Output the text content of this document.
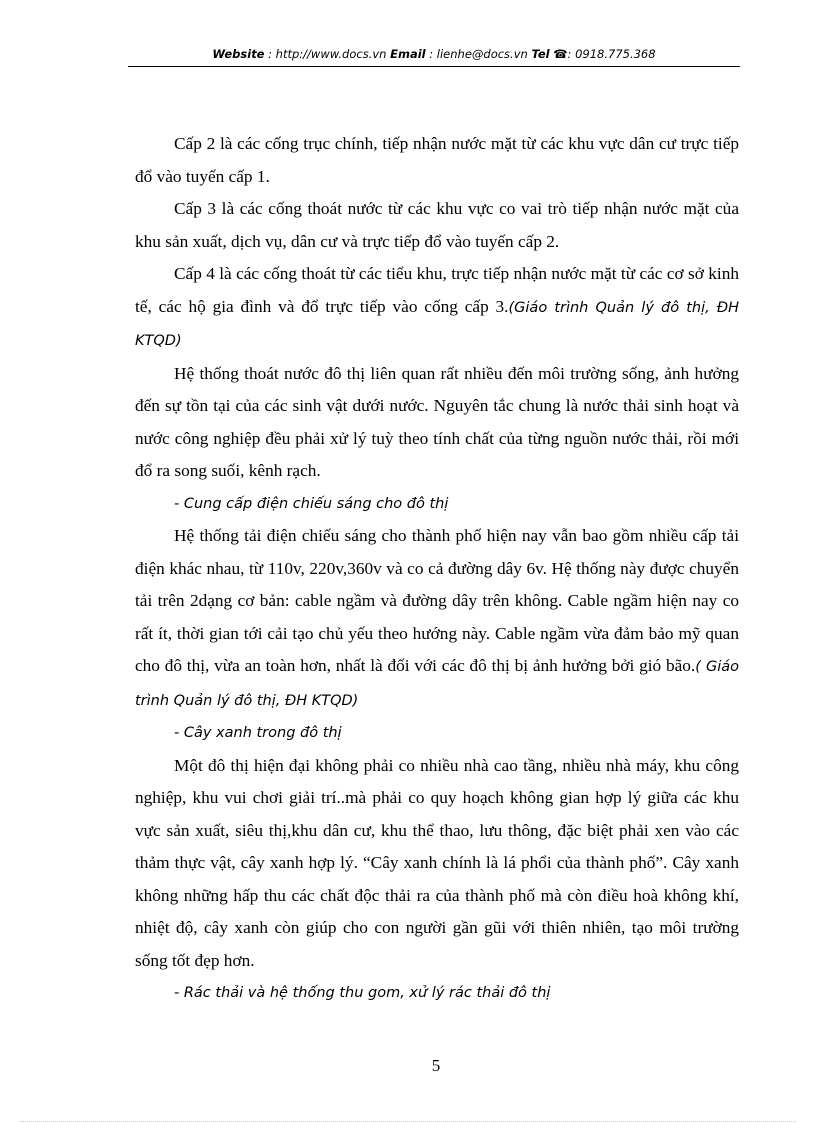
Website : http://www.docs.vn Email : lienhe@docs.vn Tel ☎: 0918.775.368

Cấp 2 là các cống trục chính, tiếp nhận nước mặt từ các khu vực dân cư trực tiếp đổ vào tuyến cấp 1.

Cấp 3 là các cống thoát nước từ các khu vực co vai trò tiếp nhận nước mặt của khu sản xuất, dịch vụ, dân cư và trực tiếp đổ vào tuyến cấp 2.

Cấp 4 là các cống thoát từ các tiểu khu, trực tiếp nhận nước mặt từ các cơ sở kinh tế, các hộ gia đình và đổ trực tiếp vào cống cấp 3.(Giáo trình Quản lý đô thị, ĐH KTQD)

Hệ thống thoát nước đô thị liên quan rất nhiều đến môi trường sống, ảnh hưởng đến sự tồn tại của các sinh vật dưới nước. Nguyên tắc chung là nước thải sinh hoạt và nước công nghiệp đều phải xử lý tuỳ theo tính chất của từng nguồn nước thải, rồi mới đổ ra song suối, kênh rạch.

- Cung cấp điện chiếu sáng cho đô thị

Hệ thống tải điện chiếu sáng cho thành phố hiện nay vẫn bao gồm nhiều cấp tải điện khác nhau, từ 110v, 220v,360v và co cả đường dây 6v. Hệ thống này được chuyển tải trên 2dạng cơ bản: cable ngầm và đường dây trên không. Cable ngầm hiện nay co rất ít, thời gian tới cải tạo chủ yếu theo hướng này. Cable ngầm vừa đảm bảo mỹ quan cho đô thị, vừa an toàn hơn, nhất là đối với các đô thị bị ảnh hưởng bởi gió bão.( Giáo trình Quản lý đô thị, ĐH KTQD)

- Cây xanh trong đô thị

Một đô thị hiện đại không phải co nhiều nhà cao tầng, nhiều nhà máy, khu công nghiệp, khu vui chơi giải trí..mà phải co quy hoạch không gian hợp lý giữa các khu vực sản xuất, siêu thị,khu dân cư, khu thể thao, lưu thông, đặc biệt phải xen vào các thảm thực vật, cây xanh hợp lý. “Cây xanh chính là lá phổi của thành phố”. Cây xanh không những hấp thu các chất độc thải ra của thành phố mà còn điều hoà không khí, nhiệt độ, cây xanh còn giúp cho con người gần gũi với thiên nhiên, tạo môi trường sống tốt đẹp hơn.

- Rác thải và hệ thống thu gom, xử lý rác thải đô thị

5
